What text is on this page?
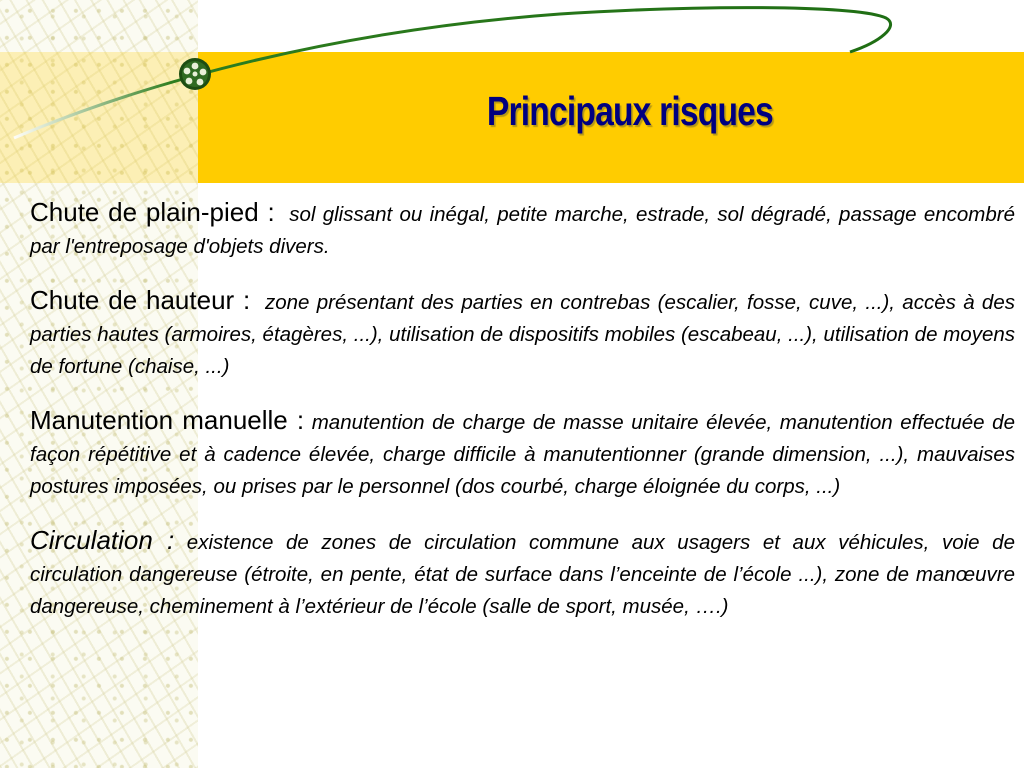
Principaux risques

Chute de plain-pied : sol glissant ou inégal, petite marche, estrade, sol dégradé, passage encombré par l'entreposage d'objets divers.

Chute de hauteur : zone présentant des parties en contrebas (escalier, fosse, cuve, ...), accès à des parties hautes (armoires, étagères, ...), utilisation de dispositifs mobiles (escabeau, ...), utilisation de moyens de fortune (chaise, ...)

Manutention manuelle : manutention de charge de masse unitaire élevée, manutention effectuée de façon répétitive et à cadence élevée, charge difficile à manutentionner (grande dimension, ...), mauvaises postures imposées, ou prises par le personnel (dos courbé, charge éloignée du corps, ...)

Circulation : existence de zones de circulation commune aux usagers et aux véhicules, voie de circulation dangereuse (étroite, en pente, état de surface dans l’enceinte de l’école ...), zone de manœuvre dangereuse, cheminement à l’extérieur de l’école (salle de sport, musée, ….)
